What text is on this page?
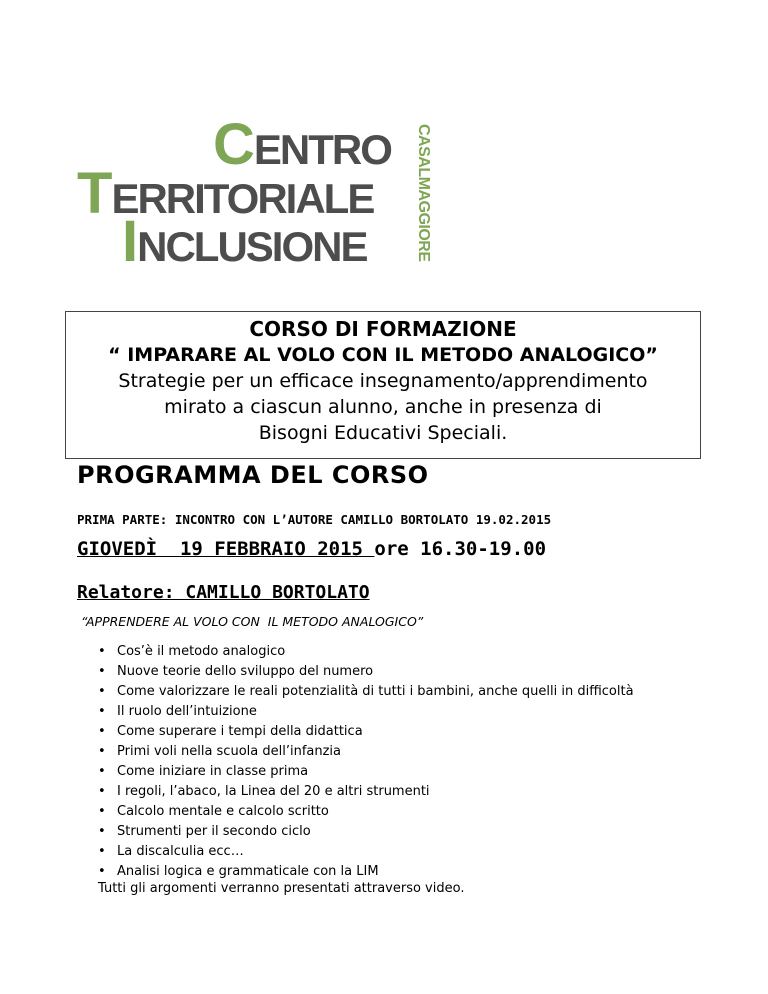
CENTRO
TERRITORIALE
INCLUSIONE	CASALMAGGIORE
CORSO DI FORMAZIONE
“ IMPARARE AL VOLO CON IL METODO ANALOGICO”
Strategie per un efficace insegnamento/apprendimento
mirato a ciascun alunno, anche in presenza di
Bisogni Educativi Speciali.
PROGRAMMA DEL CORSO
PRIMA PARTE: INCONTRO CON L’AUTORE CAMILLO BORTOLATO 19.02.2015
GIOVEDÌ  19 FEBBRAIO 2015 ore 16.30-19.00
Relatore: CAMILLO BORTOLATO
“APPRENDERE AL VOLO CON  IL METODO ANALOGICO”
• Cos’è il metodo analogico
• Nuove teorie dello sviluppo del numero
• Come valorizzare le reali potenzialità di tutti i bambini, anche quelli in difficoltà
• Il ruolo dell’intuizione
• Come superare i tempi della didattica
• Primi voli nella scuola dell’infanzia
• Come iniziare in classe prima
• I regoli, l’abaco, la Linea del 20 e altri strumenti
• Calcolo mentale e calcolo scritto
• Strumenti per il secondo ciclo
• La discalculia ecc…
• Analisi logica e grammaticale con la LIM
Tutti gli argomenti verranno presentati attraverso video.
